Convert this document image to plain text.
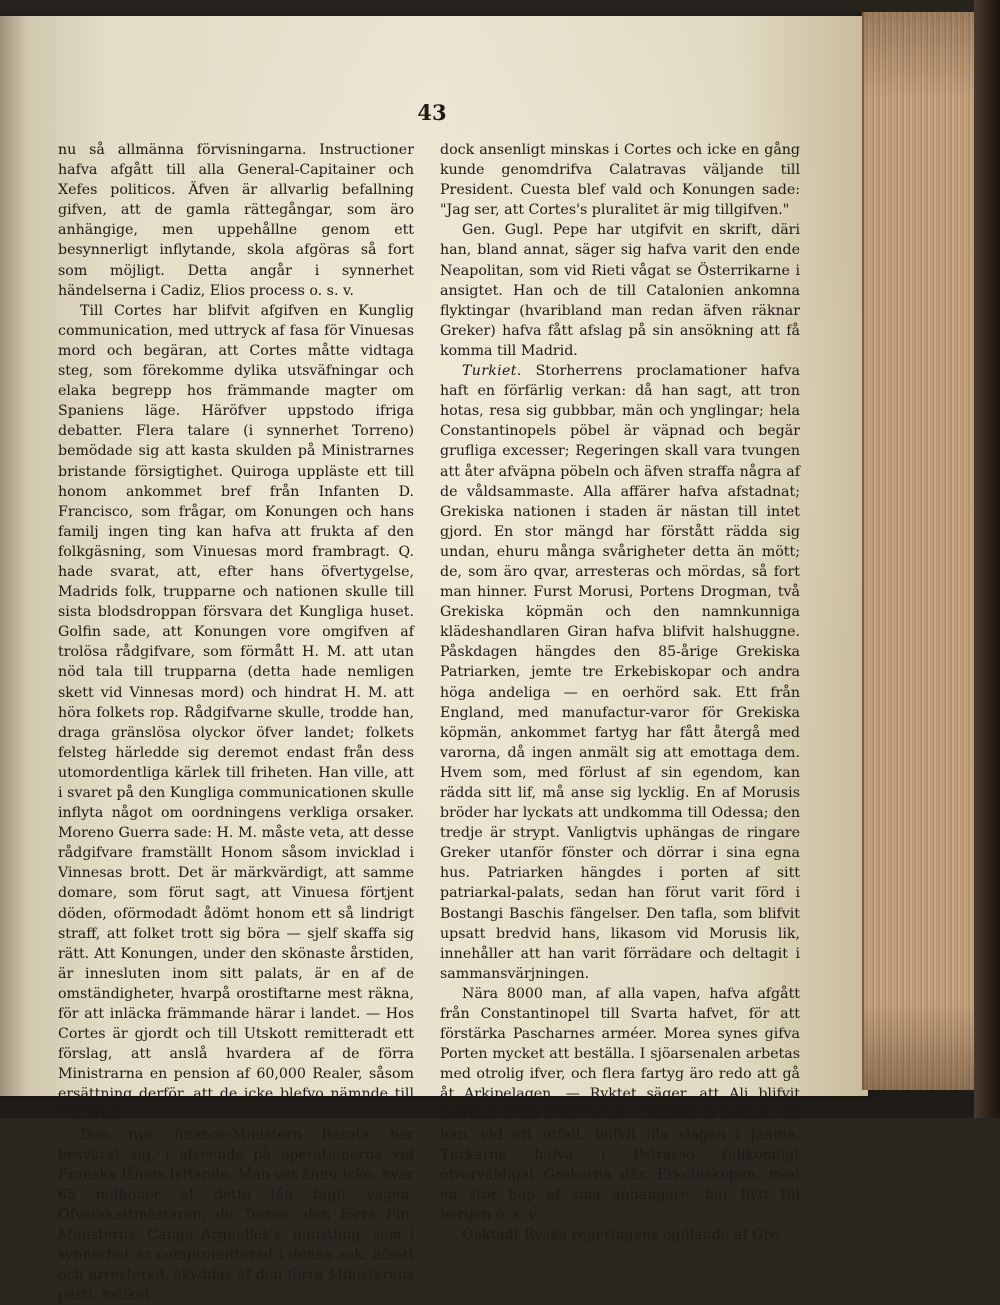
43

nu så allmänna förvisningarna. Instructioner hafva afgått till alla General-Capitainer och Xefes politicos. Äfven är allvarlig befallning gifven, att de gamla rättegångar, som äro anhängige, men uppehållne genom ett besynnerligt inflytande, skola afgöras så fort som möjligt. Detta angår i synnerhet händelserna i Cadiz, Elios process o. s. v.

Till Cortes har blifvit afgifven en Kunglig communication, med uttryck af fasa för Vinuesas mord och begäran, att Cortes måtte vidtaga steg, som förekomme dylika utsväfningar och elaka begrepp hos främmande magter om Spaniens läge. Häröfver uppstodo ifriga debatter. Flera talare (i synnerhet Torreno) bemödade sig att kasta skulden på Ministrarnes bristande försigtighet. Quiroga uppläste ett till honom ankommet bref från Infanten D. Francisco, som frågar, om Konungen och hans familj ingen ting kan hafva att frukta af den folkgäsning, som Vinuesas mord frambragt. Q. hade svarat, att, efter hans öfvertygelse, Madrids folk, trupparne och nationen skulle till sista blodsdroppan försvara det Kungliga huset. Golfin sade, att Konungen vore omgifven af trolösa rådgifvare, som förmått H. M. att utan nöd tala till trupparna (detta hade nemligen skett vid Vinnesas mord) och hindrat H. M. att höra folkets rop. Rådgifvarne skulle, trodde han, draga gränslösa olyckor öfver landet; folkets felsteg härledde sig deremot endast från dess utomordentliga kärlek till friheten. Han ville, att i svaret på den Kungliga communicationen skulle inflyta något om oordningens verkliga orsaker. Moreno Guerra sade: H. M. måste veta, att desse rådgifvare framställt Honom såsom invicklad i Vinnesas brott. Det är märkvärdigt, att samme domare, som förut sagt, att Vinuesa förtjent döden, oförmodadt ådömt honom ett så lindrigt straff, att folket trott sig böra — sjelf skaffa sig rätt. Att Konungen, under den skönaste årstiden, är innesluten inom sitt palats, är en af de omständigheter, hvarpå orostiftarne mest räkna, för att inläcka främmande härar i landet. — Hos Cortes är gjordt och till Utskott remitteradt ett förslag, att anslå hvardera af de förra Ministrarna en pension af 60,000 Realer, såsom ersättning derför, att de icke blefvo nämnde till Statsråd.

Den nya finance-Ministern Barata har besvärat sig, i afseende på operationerna vid Franska lånets lyftande. Man vet ännu icke, hvar 65 millioner af detta lån tagit vägen. Öfverskattmästaren, de Torres, den förra Fin. Ministerns, Canga Arguelles's, gunstling, som i synnerhet är compromitterad i denna sak, afsatt och arresterad, skyddas af den förra Ministerens parti, hvilket

dock ansenligt minskas i Cortes och icke en gång kunde genomdrifva Calatravas väljande till President. Cuesta blef vald och Konungen sade: "Jag ser, att Cortes's pluralitet är mig tillgifven."

Gen. Gugl. Pepe har utgifvit en skrift, däri han, bland annat, säger sig hafva varit den ende Neapolitan, som vid Rieti vågat se Österrikarne i ansigtet. Han och de till Catalonien ankomna flyktingar (hvaribland man redan äfven räknar Greker) hafva fått afslag på sin ansökning att få komma till Madrid.

Turkiet. Storherrens proclamationer hafva haft en förfärlig verkan: då han sagt, att tron hotas, resa sig gubbbar, män och ynglingar; hela Constantinopels pöbel är väpnad och begär grufliga excesser; Regeringen skall vara tvungen att åter afväpna pöbeln och äfven straffa några af de våldsammaste. Alla affärer hafva afstadnat; Grekiska nationen i staden är nästan till intet gjord. En stor mängd har förstått rädda sig undan, ehuru många svårigheter detta än mött; de, som äro qvar, arresteras och mördas, så fort man hinner. Furst Morusi, Portens Drogman, två Grekiska köpmän och den namnkunniga klädeshandlaren Giran hafva blifvit halshuggne. Påskdagen hängdes den 85-årige Grekiska Patriarken, jemte tre Erkebiskopar och andra höga andeliga — en oerhörd sak. Ett från England, med manufactur-varor för Grekiska köpmän, ankommet fartyg har fått återgå med varorna, då ingen anmält sig att emottaga dem. Hvem som, med förlust af sin egendom, kan rädda sitt lif, må anse sig lycklig. En af Morusis bröder har lyckats att undkomma till Odessa; den tredje är strypt. Vanligtvis uphängas de ringare Greker utanför fönster och dörrar i sina egna hus. Patriarken hängdes i porten af sitt patriarkal-palats, sedan han förut varit förd i Bostangi Baschis fängelser. Den tafla, som blifvit upsatt bredvid hans, likasom vid Morusis lik, innehåller att han varit förrädare och deltagit i sammansvärjningen.

Nära 8000 man, af alla vapen, hafva afgått från Constantinopel till Svarta hafvet, för att förstärka Pascharnes arméer. Morea synes gifva Porten mycket att beställa. I sjöarsenalen arbetas med otrolig ifver, och flera fartyg äro redo att gå åt Arkipelagen. — Ryktet säger, att Ali blifvit mördad af sin Sekreterare. Officielt är bekant, att han, vid ett utfall, blifvit illa slagen i Janina. Turkarne hafva i Patrasso fullkomligt öfverväldigat Grekerna där. Erkebiskopen, med en stor hop af sina anhängare, har flytt till bergen o. s. v.

Oaktadt Ryska regeringens ogillande af Gre-
